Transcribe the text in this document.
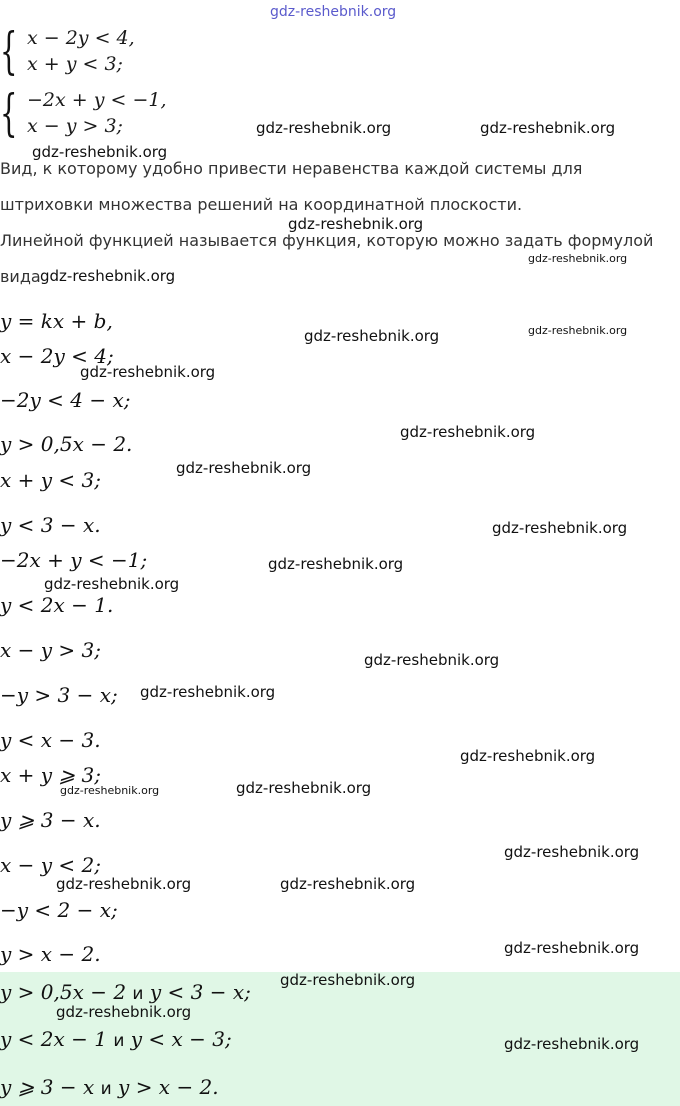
gdz-reshebnik.org
{ x − 2y < 4,
x + y < 3;
{ −2x + y < −1,
x − y > 3;
Вид, к которому удобно привести неравенства каждой системы для
штриховки множества решений на координатной плоскости.
Линейной функцией называется функция, которую можно задать формулой
вида
y = kx + b,
x − 2y < 4;
−2y < 4 − x;
y > 0,5x − 2.
x + y < 3;
y < 3 − x.
−2x + y < −1;
y < 2x − 1.
x − y > 3;
−y > 3 − x;
y < x − 3.
x + y ⩾ 3;
y ⩾ 3 − x.
x − y < 2;
−y < 2 − x;
y > x − 2.
y > 0,5x − 2 и y < 3 − x;
y < 2x − 1 и y < x − 3;
y ⩾ 3 − x и y > x − 2.
gdz-reshebnik.org	gdz-reshebnik.org
gdz-reshebnik.org
gdz-reshebnik.org
gdz-reshebnik.org
gdz-reshebnik.org
gdz-reshebnik.org	gdz-reshebnik.org
gdz-reshebnik.org
gdz-reshebnik.org
gdz-reshebnik.org
gdz-reshebnik.org
gdz-reshebnik.org
gdz-reshebnik.org
gdz-reshebnik.org
gdz-reshebnik.org
gdz-reshebnik.org
gdz-reshebnik.org	gdz-reshebnik.org
gdz-reshebnik.org
gdz-reshebnik.org	gdz-reshebnik.org
gdz-reshebnik.org
gdz-reshebnik.org
gdz-reshebnik.org
gdz-reshebnik.org
